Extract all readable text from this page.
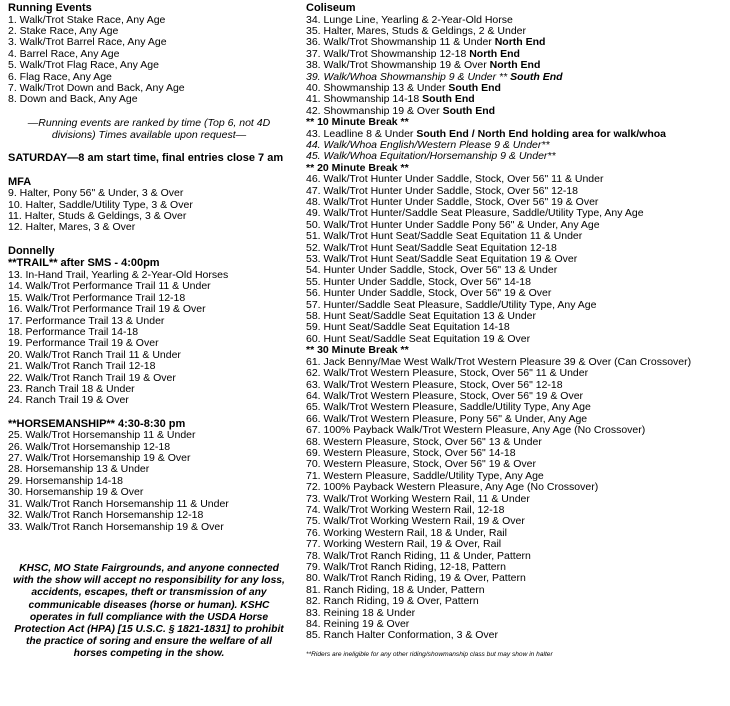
Running Events
1. Walk/Trot Stake Race, Any Age
2. Stake Race, Any Age
3. Walk/Trot Barrel Race, Any Age
4. Barrel Race, Any Age
5. Walk/Trot Flag Race, Any Age
6. Flag Race, Any Age
7. Walk/Trot Down and Back, Any Age
8. Down and Back, Any Age
—Running events are ranked by time (Top 6, not 4D divisions) Times available upon request—
SATURDAY—8 am start time, final entries close 7 am
MFA
9. Halter, Pony 56" & Under, 3 & Over
10. Halter, Saddle/Utility Type, 3 & Over
11. Halter, Studs & Geldings, 3 & Over
12. Halter, Mares, 3 & Over
Donnelly
**TRAIL** after SMS - 4:00pm
13. In-Hand Trail, Yearling & 2-Year-Old Horses
14. Walk/Trot Performance Trail 11 & Under
15. Walk/Trot Performance Trail 12-18
16. Walk/Trot Performance Trail 19 & Over
17. Performance Trail 13 & Under
18. Performance Trail 14-18
19. Performance Trail 19 & Over
20. Walk/Trot Ranch Trail 11 & Under
21. Walk/Trot Ranch Trail 12-18
22. Walk/Trot Ranch Trail 19 & Over
23. Ranch Trail 18 & Under
24. Ranch Trail 19 & Over
**HORSEMANSHIP** 4:30-8:30 pm
25. Walk/Trot Horsemanship 11 & Under
26. Walk/Trot Horsemanship 12-18
27. Walk/Trot Horsemanship 19 & Over
28. Horsemanship 13 & Under
29. Horsemanship 14-18
30. Horsemanship 19 & Over
31. Walk/Trot Ranch Horsemanship 11 & Under
32. Walk/Trot Ranch Horsemanship 12-18
33. Walk/Trot Ranch Horsemanship 19 & Over
KHSC, MO State Fairgrounds, and anyone connected with the show will accept no responsibility for any loss, accidents, escapes, theft or transmission of any communicable diseases (horse or human). KSHC operates in full compliance with the USDA Horse Protection Act (HPA) [15 U.S.C. § 1821-1831] to prohibit the practice of soring and ensure the welfare of all horses competing in the show.
Coliseum
34. Lunge Line, Yearling & 2-Year-Old Horse
35. Halter, Mares, Studs & Geldings, 2 & Under
36. Walk/Trot Showmanship 11 & Under North End
37. Walk/Trot Showmanship 12-18 North End
38. Walk/Trot Showmanship 19 & Over North End
39. Walk/Whoa Showmanship 9 & Under ** South End
40. Showmanship 13 & Under South End
41. Showmanship 14-18 South End
42. Showmanship 19 & Over South End
** 10 Minute Break **
43. Leadline 8 & Under South End / North End holding area for walk/whoa
44. Walk/Whoa English/Western Please 9 & Under**
45. Walk/Whoa Equitation/Horsemanship 9 & Under**
** 20 Minute Break **
46. Walk/Trot Hunter Under Saddle, Stock, Over 56" 11 & Under
47. Walk/Trot Hunter Under Saddle, Stock, Over 56" 12-18
48. Walk/Trot Hunter Under Saddle, Stock, Over 56" 19 & Over
49. Walk/Trot Hunter/Saddle Seat Pleasure, Saddle/Utility Type, Any Age
50. Walk/Trot Hunter Under Saddle Pony 56" & Under, Any Age
51. Walk/Trot Hunt Seat/Saddle Seat Equitation 11 & Under
52. Walk/Trot Hunt Seat/Saddle Seat Equitation 12-18
53. Walk/Trot Hunt Seat/Saddle Seat Equitation 19 & Over
54. Hunter Under Saddle, Stock, Over 56" 13 & Under
55. Hunter Under Saddle, Stock, Over 56" 14-18
56. Hunter Under Saddle, Stock, Over 56" 19 & Over
57. Hunter/Saddle Seat Pleasure, Saddle/Utility Type, Any Age
58. Hunt Seat/Saddle Seat Equitation 13 & Under
59. Hunt Seat/Saddle Seat Equitation 14-18
60. Hunt Seat/Saddle Seat Equitation 19 & Over
** 30 Minute Break **
61. Jack Benny/Mae West Walk/Trot Western Pleasure 39 & Over (Can Crossover)
62. Walk/Trot Western Pleasure, Stock, Over 56" 11 & Under
63. Walk/Trot Western Pleasure, Stock, Over 56" 12-18
64. Walk/Trot Western Pleasure, Stock, Over 56" 19 & Over
65. Walk/Trot Western Pleasure, Saddle/Utility Type, Any Age
66. Walk/Trot Western Pleasure, Pony 56" & Under, Any Age
67. 100% Payback Walk/Trot Western Pleasure, Any Age (No Crossover)
68. Western Pleasure, Stock, Over 56" 13 & Under
69. Western Pleasure, Stock, Over 56" 14-18
70. Western Pleasure, Stock, Over 56" 19 & Over
71. Western Pleasure, Saddle/Utility Type, Any Age
72. 100% Payback Western Pleasure, Any Age (No Crossover)
73. Walk/Trot Working Western Rail, 11 & Under
74. Walk/Trot Working Western Rail, 12-18
75. Walk/Trot Working Western Rail, 19 & Over
76. Working Western Rail, 18 & Under, Rail
77. Working Western Rail, 19 & Over, Rail
78. Walk/Trot Ranch Riding, 11 & Under, Pattern
79. Walk/Trot Ranch Riding, 12-18, Pattern
80. Walk/Trot Ranch Riding, 19 & Over, Pattern
81. Ranch Riding, 18 & Under, Pattern
82. Ranch Riding, 19 & Over, Pattern
83. Reining 18 & Under
84. Reining 19 & Over
85. Ranch Halter Conformation, 3 & Over
**Riders are ineligible for any other riding/showmanship class but may show in halter
